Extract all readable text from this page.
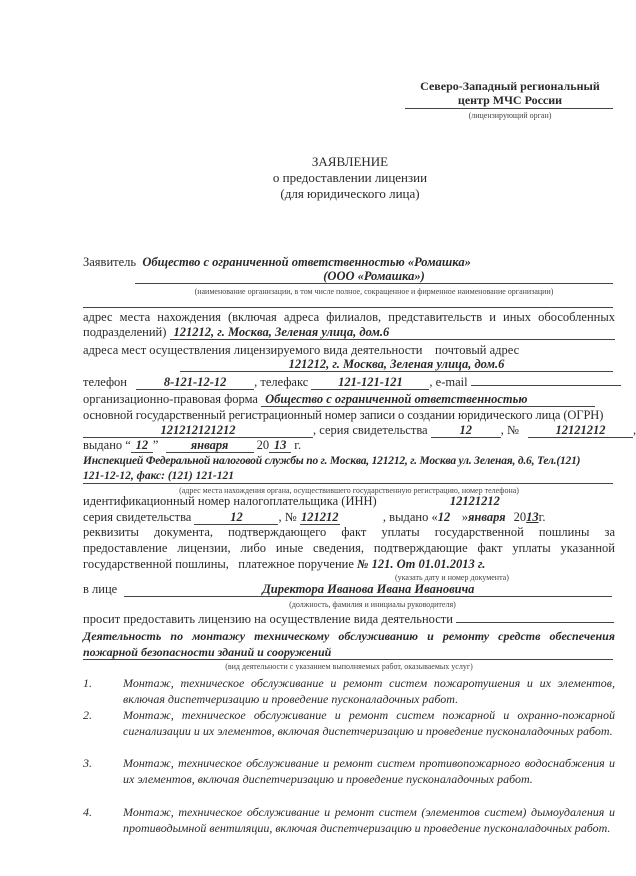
Северо-Западный региональный
центр МЧС России
(лицензирующий орган)
ЗАЯВЛЕНИЕ
о предоставлении лицензии
(для юридического лица)
Заявитель Общество с ограниченной ответственностью «Ромашка»
(ООО «Ромашка»)
(наименование организации, в том числе полное, сокращенное и фирменное наименование организации)
адрес места нахождения (включая адреса филиалов, представительств и иных обособленных
подразделений) 121212, г. Москва, Зеленая улица, дом.6
адреса мест осуществления лицензируемого вида деятельности почтовый адрес
121212, г. Москва, Зеленая улица, дом.6
телефон	8-121-12-12 , телефакс 121-121-121 , e-mail
организационно-правовая форма Общество с ограниченной ответственностью
основной государственный регистрационный номер записи о создании юридического лица (ОГРН)
121212121212	, серия свидетельства	12 , №	12121212 ,
выдано “ 12 ”	января 20 13 г.
Инспекцией Федеральной налоговой службы по г. Москва, 121212, г. Москва ул. Зеленая, д.6, Тел.(121)
121-12-12, факс: (121) 121-121
(адрес места нахождения органа, осуществившего государственную регистрацию, номер телефона)
идентификационный номер налогоплательщика (ИНН)	12121212
серия свидетельства	12	, № 121212	, выдано «12 »января 2013г.
реквизиты документа, подтверждающего факт уплаты государственной пошлины за
предоставление лицензии, либо иные сведения, подтверждающие факт уплаты указанной
государственной пошлины,   платежное поручение № 121. От 01.01.2013 г.
(указать дату и номер документа)
в лице	Директора Иванова Ивана Ивановича
(должность, фамилия и инициалы руководителя)
просит предоставить лицензию на осуществление вида деятельности
Деятельность по монтажу техническому обслуживанию и ремонту средств обеспечения
пожарной безопасности зданий и сооружений
(вид деятельности с указанием выполняемых работ, оказываемых услуг)
1.	Монтаж, техническое обслуживание и ремонт систем пожаротушения и их элементов, включая диспетчеризацию и проведение пусконаладочных работ.
2.	Монтаж, техническое обслуживание и ремонт систем пожарной и охранно-пожарной сигнализации и их элементов, включая диспетчеризацию и проведение пусконаладочных работ.
3.	Монтаж, техническое обслуживание и ремонт систем противопожарного водоснабжения и их элементов, включая диспетчеризацию и проведение пусконаладочных работ.
4.	Монтаж, техническое обслуживание и ремонт систем (элементов систем) дымоудаления и противодымной вентиляции, включая диспетчеризацию и проведение пусконаладочных работ.
